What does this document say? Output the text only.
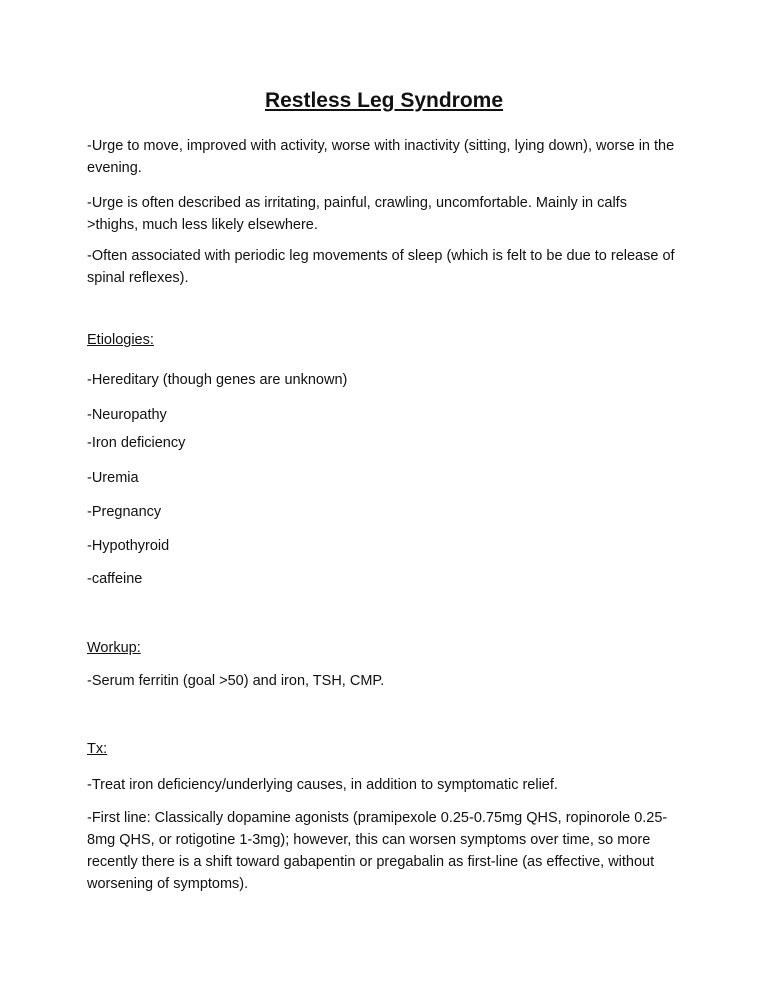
Restless Leg Syndrome

-Urge to move, improved with activity, worse with inactivity (sitting, lying down), worse in the evening.

-Urge is often described as irritating, painful, crawling, uncomfortable. Mainly in calfs >thighs, much less likely elsewhere.

-Often associated with periodic leg movements of sleep (which is felt to be due to release of spinal reflexes).

Etiologies:

-Hereditary (though genes are unknown)

-Neuropathy

-Iron deficiency

-Uremia

-Pregnancy

-Hypothyroid

-caffeine

Workup:

-Serum ferritin (goal >50) and iron, TSH, CMP.

Tx:

-Treat iron deficiency/underlying causes, in addition to symptomatic relief.

-First line: Classically dopamine agonists (pramipexole 0.25-0.75mg QHS, ropinorole 0.25-8mg QHS, or rotigotine 1-3mg); however, this can worsen symptoms over time, so more recently there is a shift toward gabapentin or pregabalin as first-line (as effective, without worsening of symptoms).
